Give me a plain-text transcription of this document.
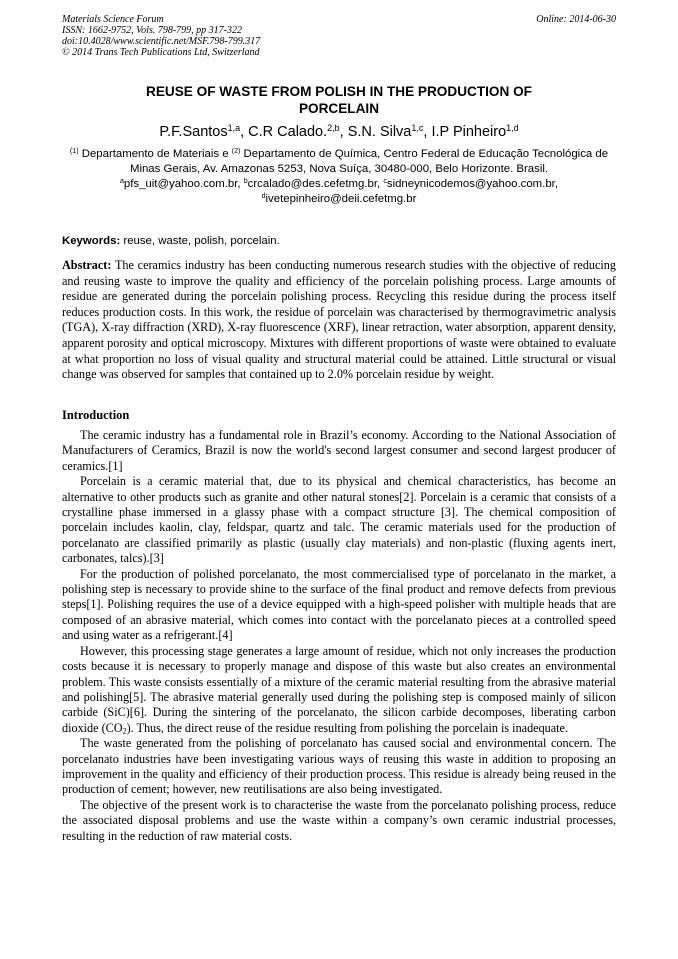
Materials Science Forum
ISSN: 1662-9752, Vols. 798-799, pp 317-322
doi:10.4028/www.scientific.net/MSF.798-799.317
© 2014 Trans Tech Publications Ltd, Switzerland
Online: 2014-06-30
REUSE OF WASTE FROM POLISH IN THE PRODUCTION OF
PORCELAIN
P.F.Santos$^{1,a}$, C.R Calado.$^{2,b}$, S.N. Silva$^{1,c}$, I.P Pinheiro$^{1,d}$
$^{(1)}$ Departamento de Materiais e $^{(2)}$ Departamento de Química, Centro Federal de Educação Tecnológica de Minas Gerais, Av. Amazonas 5253, Nova Suíça, 30480-000, Belo Horizonte. Brasil.
$^a$pfs_uit@yahoo.com.br, $^b$crcalado@des.cefetmg.br, $^c$sidneynicodemos@yahoo.com.br,
$^d$ivetepinheiro@deii.cefetmg.br
Keywords: reuse, waste, polish, porcelain.
Abstract: The ceramics industry has been conducting numerous research studies with the objective of reducing and reusing waste to improve the quality and efficiency of the porcelain polishing process. Large amounts of residue are generated during the porcelain polishing process. Recycling this residue during the process itself reduces production costs. In this work, the residue of porcelain was characterised by thermogravimetric analysis (TGA), X-ray diffraction (XRD), X-ray fluorescence (XRF), linear retraction, water absorption, apparent density, apparent porosity and optical microscopy. Mixtures with different proportions of waste were obtained to evaluate at what proportion no loss of visual quality and structural material could be attained. Little structural or visual change was observed for samples that contained up to 2.0% porcelain residue by weight.
Introduction

The ceramic industry has a fundamental role in Brazil’s economy. According to the National Association of Manufacturers of Ceramics, Brazil is now the world's second largest consumer and second largest producer of ceramics.[1]

Porcelain is a ceramic material that, due to its physical and chemical characteristics, has become an alternative to other products such as granite and other natural stones[2]. Porcelain is a ceramic that consists of a crystalline phase immersed in a glassy phase with a compact structure [3]. The chemical composition of porcelain includes kaolin, clay, feldspar, quartz and talc. The ceramic materials used for the production of porcelanato are classified primarily as plastic (usually clay materials) and non-plastic (fluxing agents inert, carbonates, talcs).[3]

For the production of polished porcelanato, the most commercialised type of porcelanato in the market, a polishing step is necessary to provide shine to the surface of the final product and remove defects from previous steps[1]. Polishing requires the use of a device equipped with a high-speed polisher with multiple heads that are composed of an abrasive material, which comes into contact with the porcelanato pieces at a controlled speed and using water as a refrigerant.[4]

However, this processing stage generates a large amount of residue, which not only increases the production costs because it is necessary to properly manage and dispose of this waste but also creates an environmental problem. This waste consists essentially of a mixture of the ceramic material resulting from the abrasive material and polishing[5]. The abrasive material generally used during the polishing step is composed mainly of silicon carbide (SiC)[6]. During the sintering of the porcelanato, the silicon carbide decomposes, liberating carbon dioxide $(CO_2)$. Thus, the direct reuse of the residue resulting from polishing the porcelain is inadequate.

The waste generated from the polishing of porcelanato has caused social and environmental concern. The porcelanato industries have been investigating various ways of reusing this waste in addition to proposing an improvement in the quality and efficiency of their production process. This residue is already being reused in the production of cement; however, new reutilisations are also being investigated.

The objective of the present work is to characterise the waste from the porcelanato polishing process, reduce the associated disposal problems and use the waste within a company’s own ceramic industrial processes, resulting in the reduction of raw material costs.
